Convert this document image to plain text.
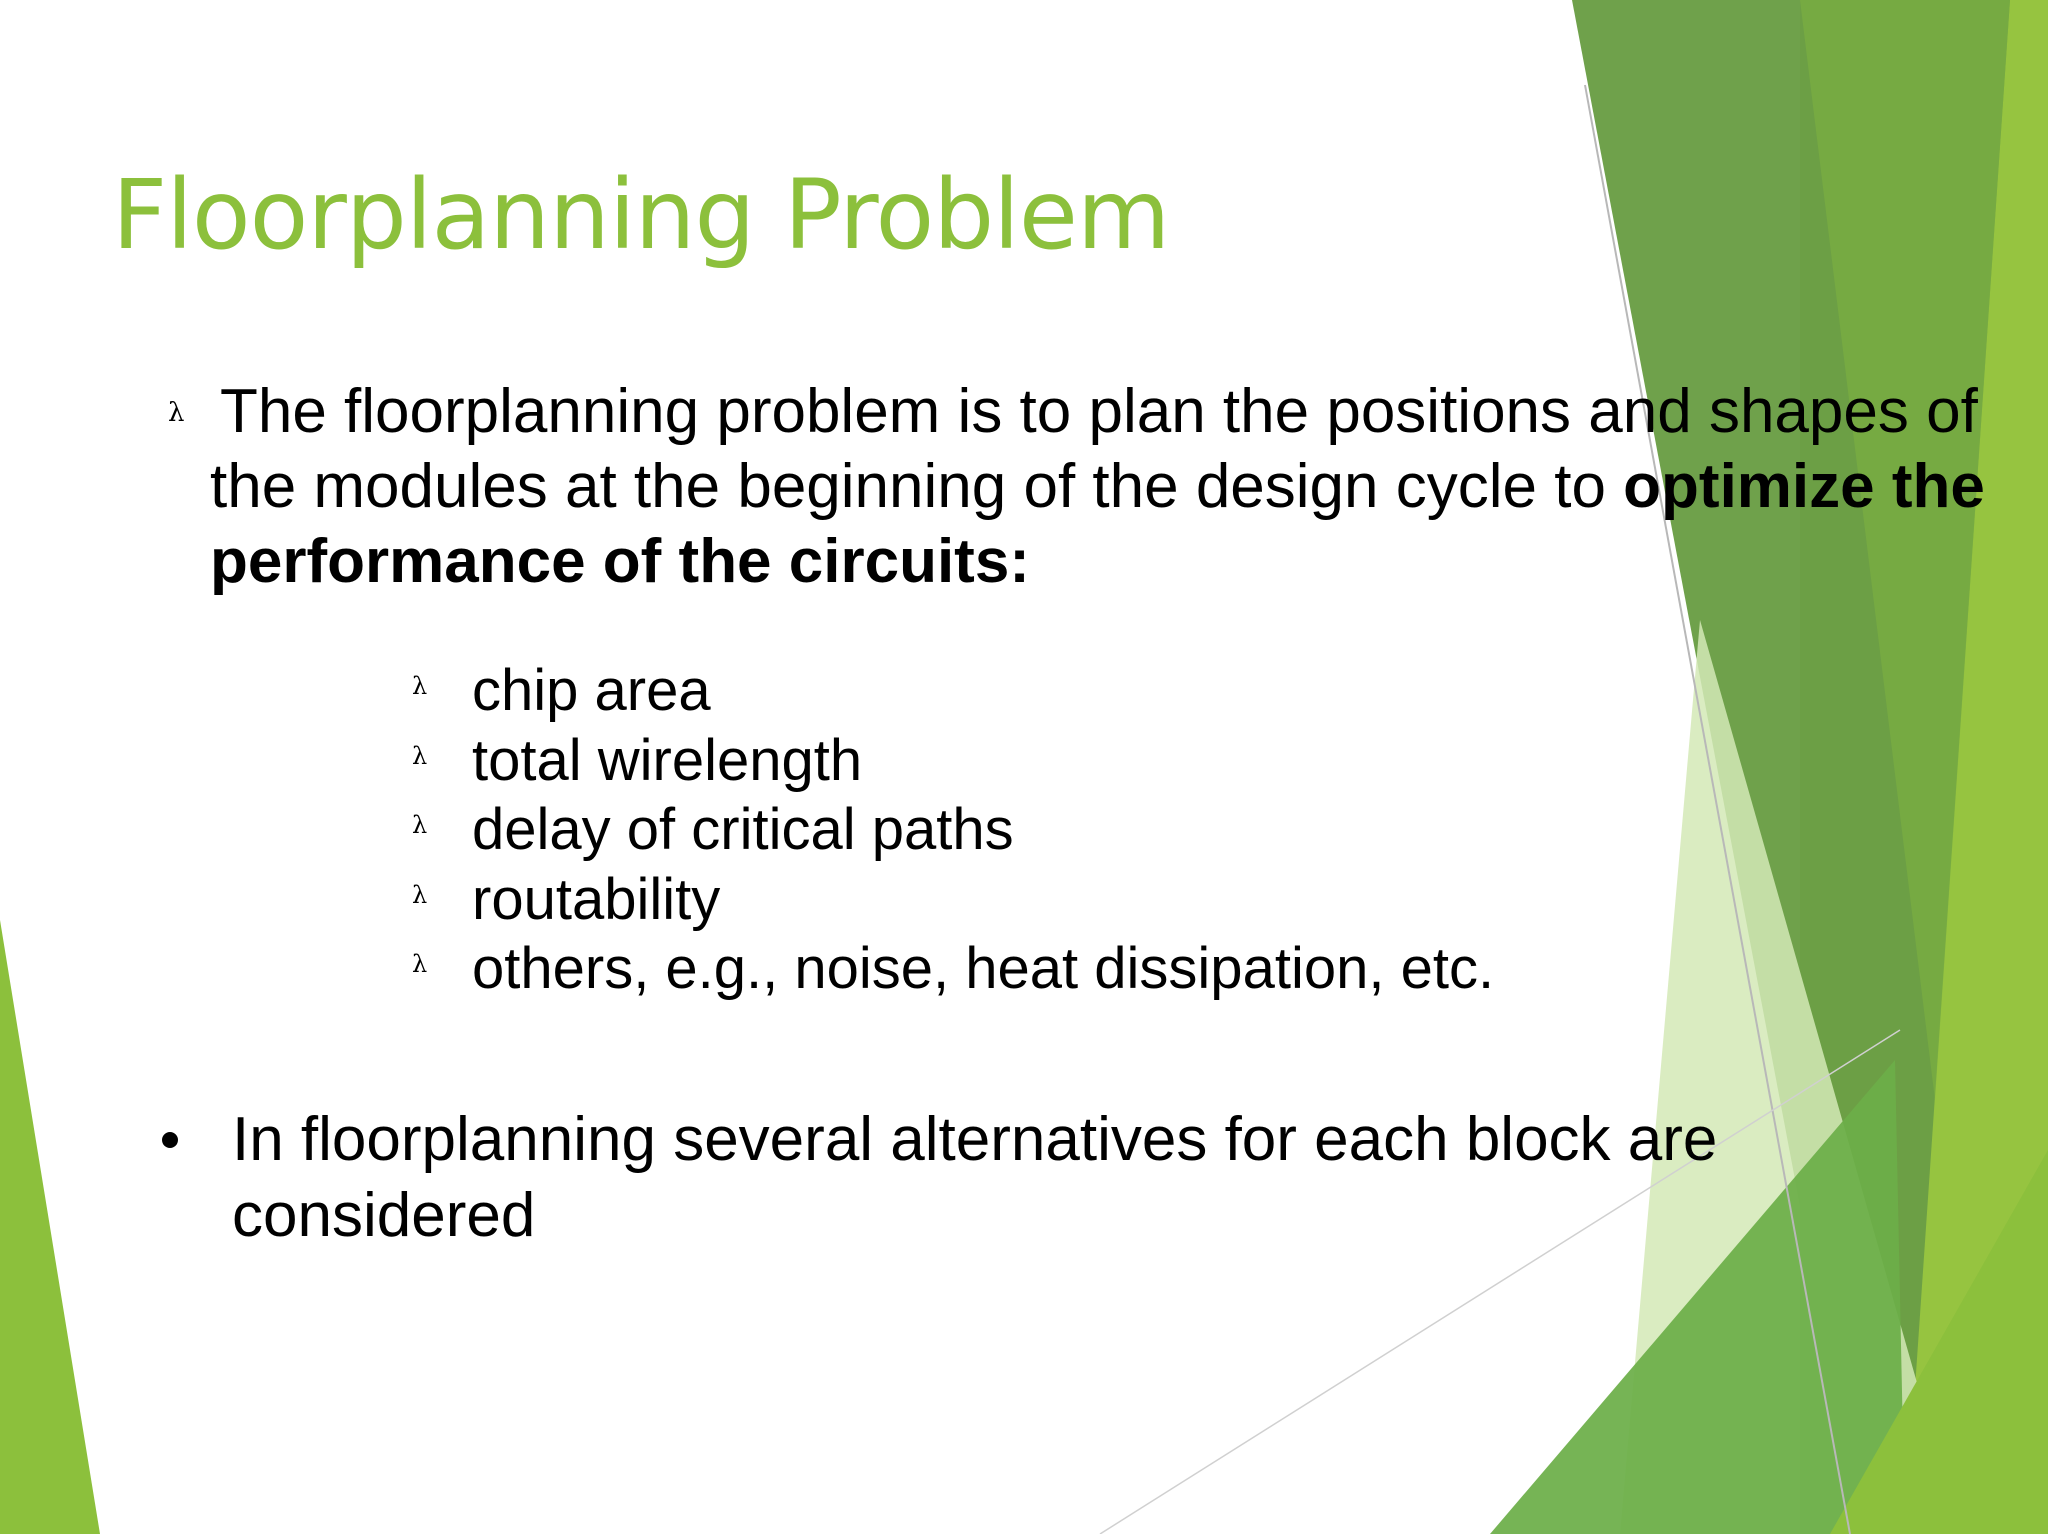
Floorplanning Problem
λ The floorplanning problem is to plan the positions and shapes of the modules at the beginning of the design cycle to optimize the performance of the circuits:
λ chip area
λ total wirelength
λ delay of critical paths
λ routability
λ others, e.g., noise, heat dissipation, etc.
In floorplanning several alternatives for each block are considered
